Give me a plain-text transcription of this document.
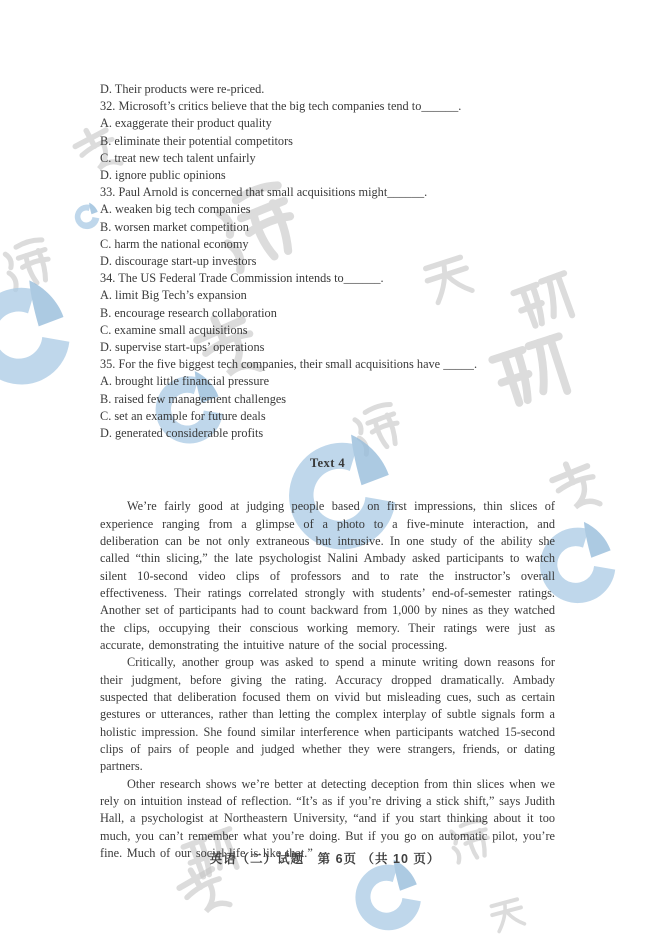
D. Their products were re-priced.
32. Microsoft’s critics believe that the big tech companies tend to______.
A. exaggerate their product quality
B. eliminate their potential competitors
C. treat new tech talent unfairly
D. ignore public opinions
33. Paul Arnold is concerned that small acquisitions might______.
A. weaken big tech companies
B. worsen market competition
C. harm the national economy
D. discourage start-up investors
34. The US Federal Trade Commission intends to______.
A. limit Big Tech’s expansion
B. encourage research collaboration
C. examine small acquisitions
D. supervise start-ups’ operations
35. For the five biggest tech companies, their small acquisitions have _____.
A. brought little financial pressure
B. raised few management challenges
C. set an example for future deals
D. generated considerable profits
Text 4

We’re fairly good at judging people based on first impressions, thin slices of experience ranging from a glimpse of a photo to a five-minute interaction, and deliberation can be not only extraneous but intrusive. In one study of the ability she called “thin slicing,” the late psychologist Nalini Ambady asked participants to watch silent 10-second video clips of professors and to rate the instructor’s overall effectiveness. Their ratings correlated strongly with students’ end-of-semester ratings. Another set of participants had to count backward from 1,000 by nines as they watched the clips, occupying their conscious working memory. Their ratings were just as accurate, demonstrating the intuitive nature of the social processing.

Critically, another group was asked to spend a minute writing down reasons for their judgment, before giving the rating. Accuracy dropped dramatically. Ambady suspected that deliberation focused them on vivid but misleading cues, such as certain gestures or utterances, rather than letting the complex interplay of subtle signals form a holistic impression. She found similar interference when participants watched 15-second clips of pairs of people and judged whether they were strangers, friends, or dating partners.

Other research shows we’re better at detecting deception from thin slices when we rely on intuition instead of reflection. “It’s as if you’re driving a stick shift,” says Judith Hall, a psychologist at Northeastern University, “and if you start thinking about it too much, you can’t remember what you’re doing. But if you go on automatic pilot, you’re fine. Much of our social life is like that.”

英语（二）试题　第 6页 （共 10 页）
